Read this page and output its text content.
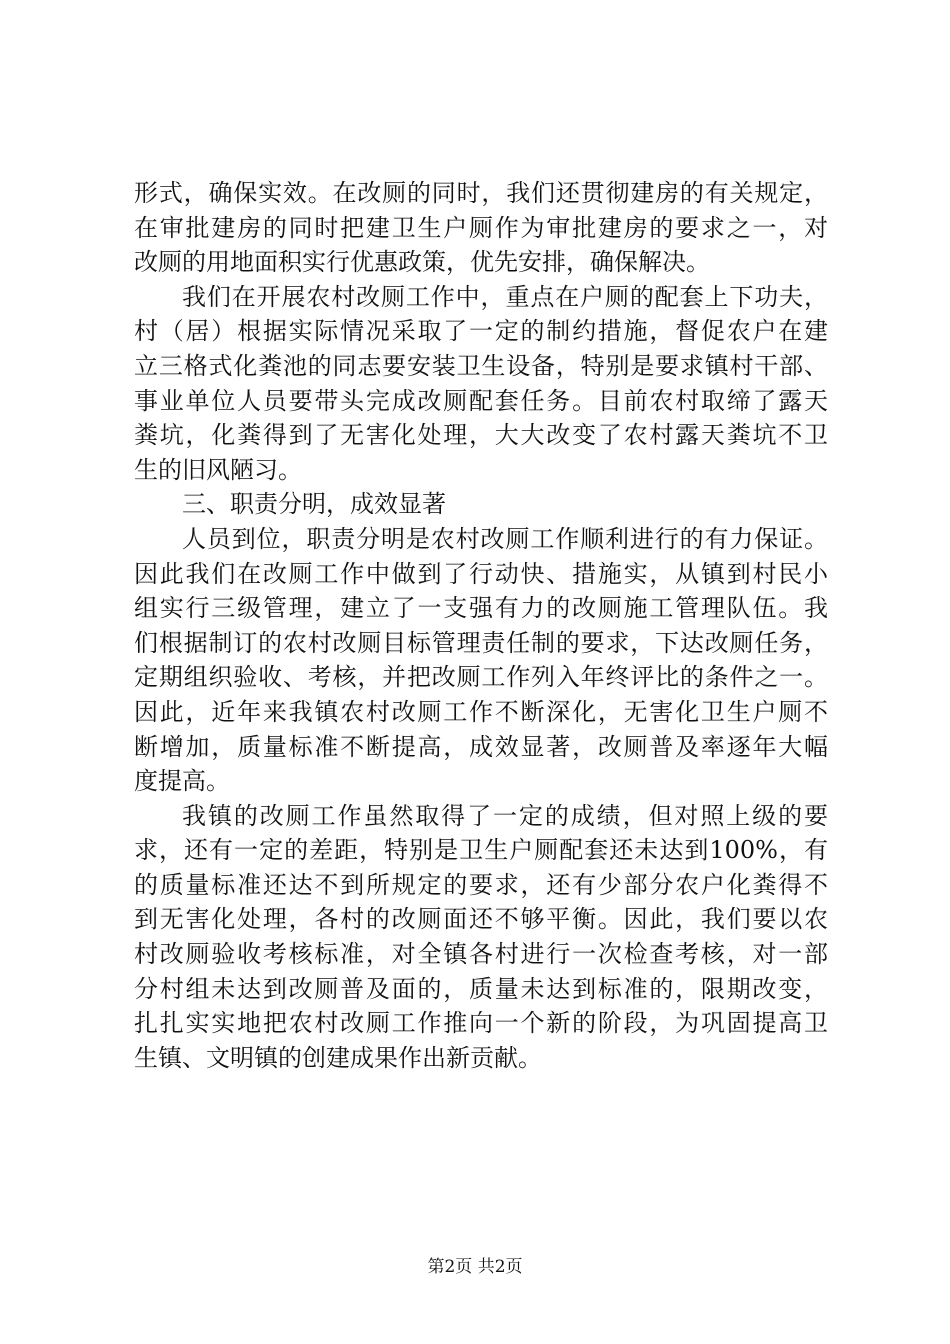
形式，确保实效。在改厕的同时，我们还贯彻建房的有关规定，
在审批建房的同时把建卫生户厕作为审批建房的要求之一，对
改厕的用地面积实行优惠政策，优先安排，确保解决。
我们在开展农村改厕工作中，重点在户厕的配套上下功夫，
村（居）根据实际情况采取了一定的制约措施，督促农户在建
立三格式化粪池的同志要安装卫生设备，特别是要求镇村干部、
事业单位人员要带头完成改厕配套任务。目前农村取缔了露天
粪坑，化粪得到了无害化处理，大大改变了农村露天粪坑不卫
生的旧风陋习。
三、职责分明，成效显著
人员到位，职责分明是农村改厕工作顺利进行的有力保证。
因此我们在改厕工作中做到了行动快、措施实，从镇到村民小
组实行三级管理，建立了一支强有力的改厕施工管理队伍。我
们根据制订的农村改厕目标管理责任制的要求，下达改厕任务，
定期组织验收、考核，并把改厕工作列入年终评比的条件之一。
因此，近年来我镇农村改厕工作不断深化，无害化卫生户厕不
断增加，质量标准不断提高，成效显著，改厕普及率逐年大幅
度提高。
我镇的改厕工作虽然取得了一定的成绩，但对照上级的要
求，还有一定的差距，特别是卫生户厕配套还未达到100%，有
的质量标准还达不到所规定的要求，还有少部分农户化粪得不
到无害化处理，各村的改厕面还不够平衡。因此，我们要以农
村改厕验收考核标准，对全镇各村进行一次检查考核，对一部
分村组未达到改厕普及面的，质量未达到标准的，限期改变，
扎扎实实地把农村改厕工作推向一个新的阶段，为巩固提高卫
生镇、文明镇的创建成果作出新贡献。
第2页 共2页
